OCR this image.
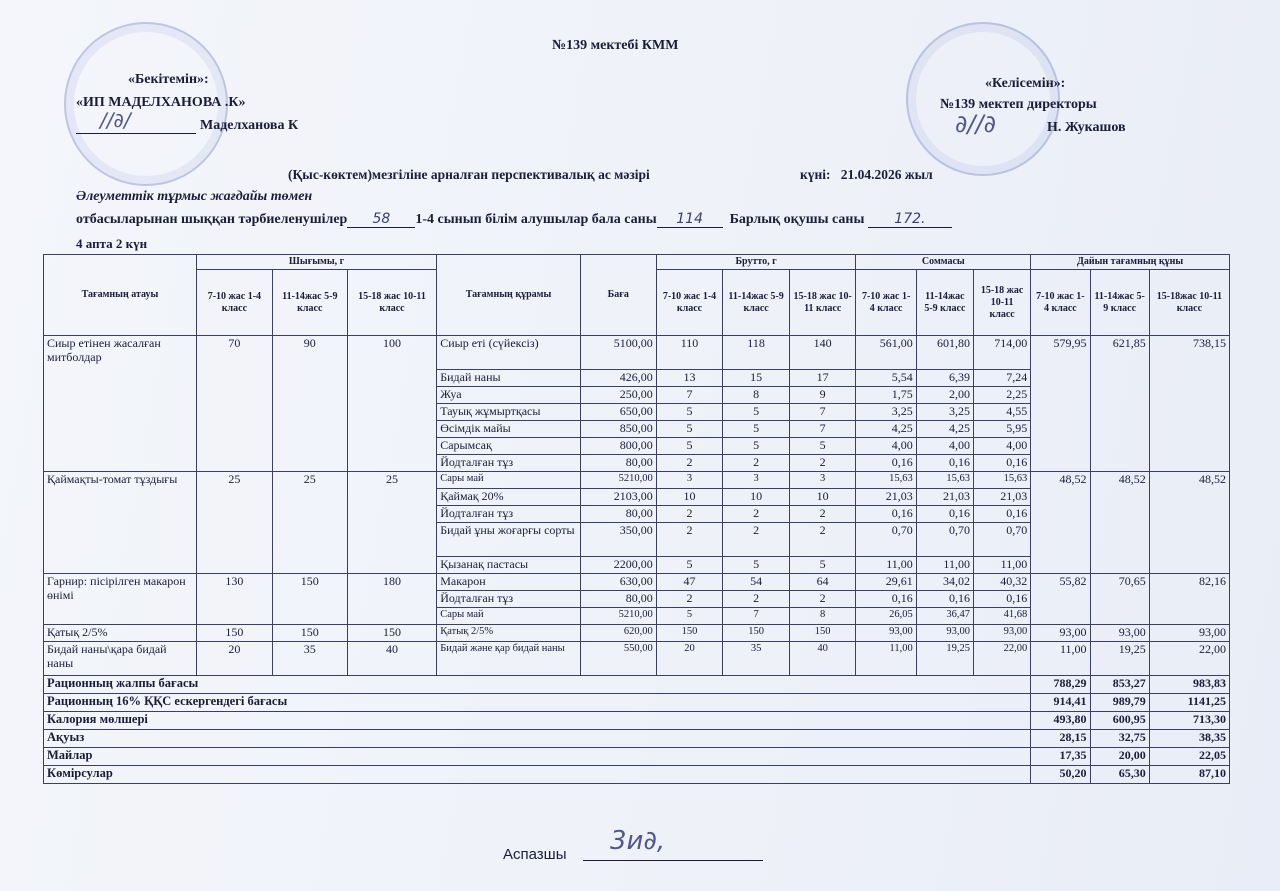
№139 мектебі КММ
«Бекітемін»:
«ИП МАДЕЛХАНОВА .К»
∕∕∂∕	Маделханова К
«Келісемін»:
№139 мектеп директоры
∂∕∕∂	Н. Жукашов
(Қыс-көктем)мезгіліне арналған перспективалық ас мәзірі	күні: 21.04.2026 жыл
Әлеуметтік тұрмыс жағдайы төмен
отбасыларынан шыққан тәрбиеленушілер 58 1-4 сынып білім алушылар бала саны 114 Барлық оқушы саны 172.
4 апта 2 күн
Тағамның атауы	Шығымы, г			Тағамның құрамы	Баға	Брутто, г			Соммасы			Дайын тағамның құны		
	7-10 жас 1-4 класс	11-14жас 5-9 класс	15-18 жас 10-11 класс			7-10 жас 1-4 класс	11-14жас 5-9 класс	15-18 жас 10-11 класс	7-10 жас 1-4 класс	11-14жас 5-9 класс	15-18 жас 10-11 класс	7-10 жас 1-4 класс	11-14жас 5-9 класс	15-18жас 10-11 класс
Сиыр етінен жасалған митболдар	70	90	100	Сиыр еті (сүйексіз)	5100,00	110	118	140	561,00	601,80	714,00	579,95	621,85	738,15
				Бидай наны	426,00	13	15	17	5,54	6,39	7,24			
				Жуа	250,00	7	8	9	1,75	2,00	2,25			
				Тауық жұмыртқасы	650,00	5	5	7	3,25	3,25	4,55			
				Өсімдік майы	850,00	5	5	7	4,25	4,25	5,95			
				Сарымсақ	800,00	5	5	5	4,00	4,00	4,00			
				Йодталған тұз	80,00	2	2	2	0,16	0,16	0,16			
Қаймақты-томат тұздығы	25	25	25	Сары май	5210,00	3	3	3	15,63	15,63	15,63	48,52	48,52	48,52
				Қаймақ 20%	2103,00	10	10	10	21,03	21,03	21,03			
				Йодталған тұз	80,00	2	2	2	0,16	0,16	0,16			
				Бидай ұны жоғарғы сорты	350,00	2	2	2	0,70	0,70	0,70			
				Қызанақ пастасы	2200,00	5	5	5	11,00	11,00	11,00			
Гарнир: пісірілген макарон өнімі	130	150	180	Макарон	630,00	47	54	64	29,61	34,02	40,32	55,82	70,65	82,16
				Йодталған тұз	80,00	2	2	2	0,16	0,16	0,16			
				Сары май	5210,00	5	7	8	26,05	36,47	41,68			
Қатық 2/5%	150	150	150	Қатық 2/5%	620,00	150	150	150	93,00	93,00	93,00	93,00	93,00	93,00
Бидай наны\қара бидай наны	20	35	40	Бидай және қар бидай наны	550,00	20	35	40	11,00	19,25	22,00	11,00	19,25	22,00
Рационның жалпы бағасы												788,29	853,27	983,83
Рационның 16% ҚҚС ескергендегі бағасы												914,41	989,79	1141,25
Калория мөлшері												493,80	600,95	713,30
Ақуыз												28,15	32,75	38,35
Майлар												17,35	20,00	22,05
Көмірсулар												50,20	65,30	87,10
Аспазшы 3и∂,
